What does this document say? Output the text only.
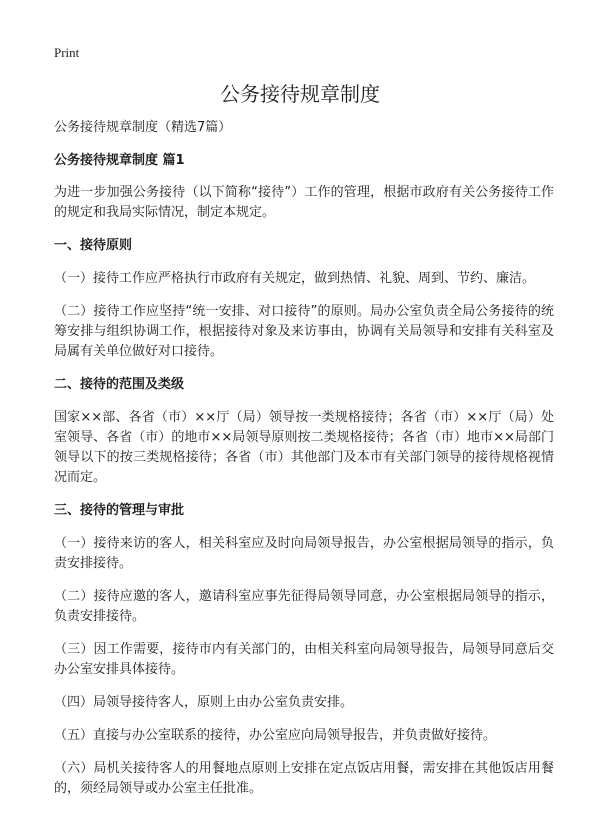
Print
公务接待规章制度

公务接待规章制度（精选7篇）

公务接待规章制度 篇1

为进一步加强公务接待（以下简称“接待”）工作的管理，根据市政府有关公务接待工作的规定和我局实际情况，制定本规定。

一、接待原则

（一）接待工作应严格执行市政府有关规定，做到热情、礼貌、周到、节约、廉洁。

（二）接待工作应坚持“统一安排、对口接待”的原则。局办公室负责全局公务接待的统筹安排与组织协调工作，根据接待对象及来访事由，协调有关局领导和安排有关科室及局属有关单位做好对口接待。

二、接待的范围及类级

国家××部、各省（市）××厅（局）领导按一类规格接待；各省（市）××厅（局）处室领导、各省（市）的地市××局领导原则按二类规格接待；各省（市）地市××局部门领导以下的按三类规格接待；各省（市）其他部门及本市有关部门领导的接待规格视情况而定。

三、接待的管理与审批

（一）接待来访的客人，相关科室应及时向局领导报告，办公室根据局领导的指示，负责安排接待。

（二）接待应邀的客人，邀请科室应事先征得局领导同意，办公室根据局领导的指示，负责安排接待。

（三）因工作需要，接待市内有关部门的，由相关科室向局领导报告，局领导同意后交办公室安排具体接待。

（四）局领导接待客人，原则上由办公室负责安排。

（五）直接与办公室联系的接待，办公室应向局领导报告，并负责做好接待。

（六）局机关接待客人的用餐地点原则上安排在定点饭店用餐，需安排在其他饭店用餐的，须经局领导或办公室主任批准。
